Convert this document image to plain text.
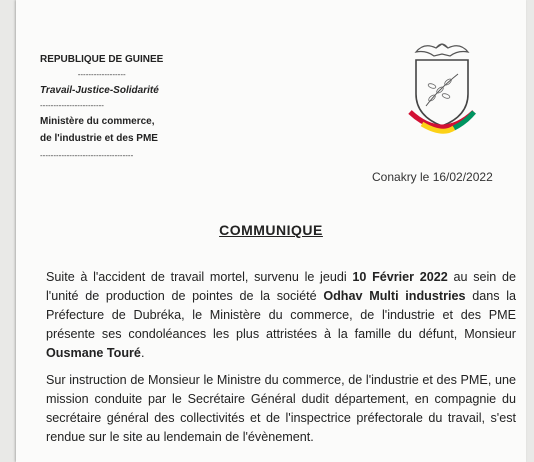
REPUBLIQUE DE GUINEE
------------------
Travail-Justice-Solidarité
------------------------
Ministère du commerce,
de l'industrie et des PME
-----------------------------------
Conakry le 16/02/2022
COMMUNIQUE

Suite à l'accident de travail mortel, survenu le jeudi 10 Février 2022 au sein de l'unité de production de pointes de la société Odhav Multi industries dans la Préfecture de Dubréka, le Ministère du commerce, de l'industrie et des PME présente ses condoléances les plus attristées à la famille du défunt, Monsieur Ousmane Touré.

Sur instruction de Monsieur le Ministre du commerce, de l'industrie et des PME, une mission conduite par le Secrétaire Général dudit département, en compagnie du secrétaire général des collectivités et de l'inspectrice préfectorale du travail, s'est rendue sur le site au lendemain de l'évènement.
